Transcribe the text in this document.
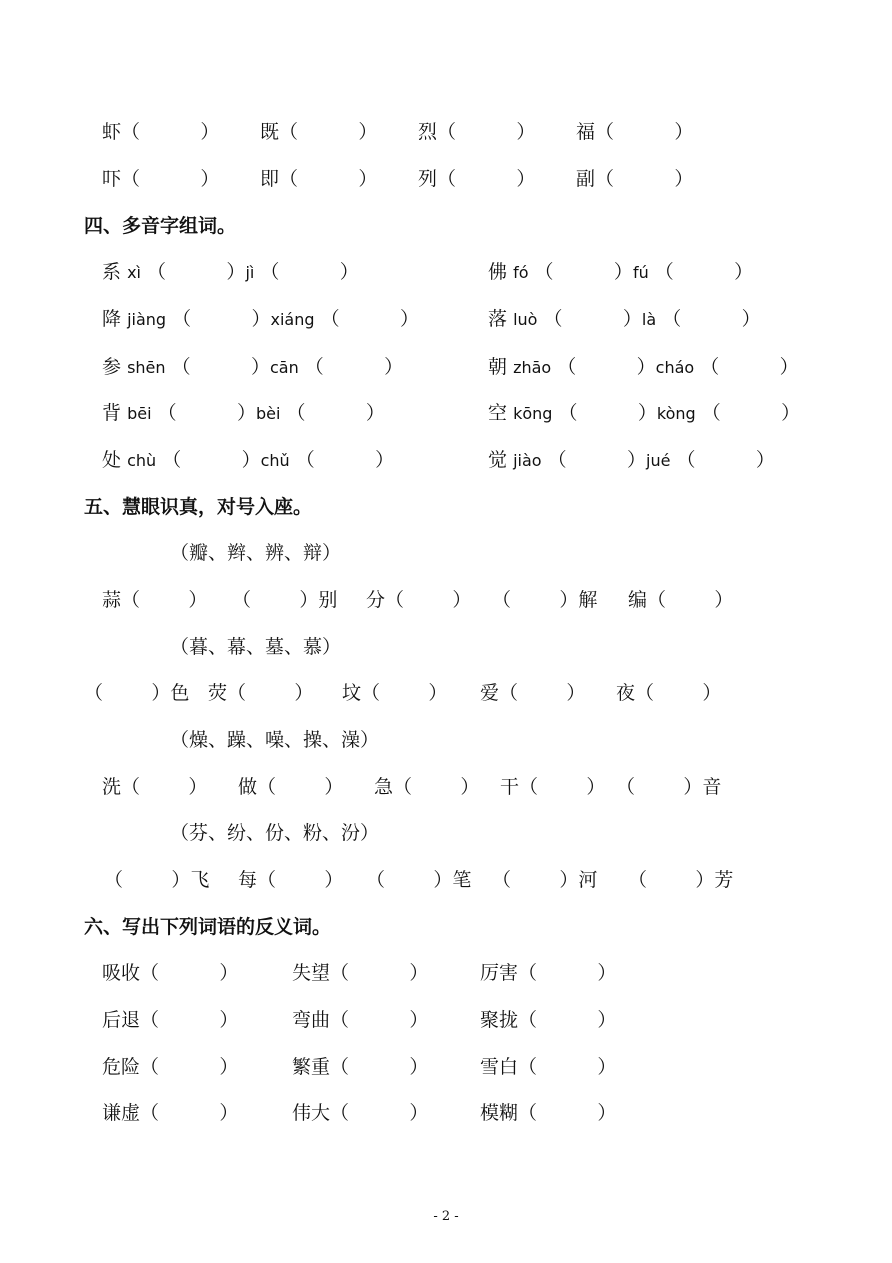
虾（          ） 既（          ） 烈（          ） 福（          ）
吓（          ） 即（          ） 列（          ） 副（          ）
四、多音字组词。
系 xì （          ）jì （          ）	佛 fó （          ）fú （          ）
降 jiàng （          ）xiáng （          ）	落 luò （          ）là （          ）
参 shēn （          ）cān （          ）	朝 zhāo （          ）cháo （          ）
背 bēi （          ）bèi （          ）	空 kōng （          ）kòng （          ）
处 chù （          ）chǔ （          ）	觉 jiào （          ）jué （          ）
五、慧眼识真，对号入座。
（瓣、辫、辨、辩）
蒜（        ） （        ）别 分（        ） （        ）解 编（        ）
（暮、幕、墓、慕）
（        ）色 荧（        ） 坟（        ） 爱（        ） 夜（        ）
（燥、躁、噪、操、澡）
洗（        ） 做（        ） 急（        ） 干（        ） （        ）音
（芬、纷、份、粉、汾）
（        ）飞 每（        ） （        ）笔 （        ）河 （        ）芳
六、写出下列词语的反义词。
吸收（          ）	失望（          ）	厉害（          ）
后退（          ）	弯曲（          ）	聚拢（          ）
危险（          ）	繁重（          ）	雪白（          ）
谦虚（          ）	伟大（          ）	模糊（          ）
- 2 -
